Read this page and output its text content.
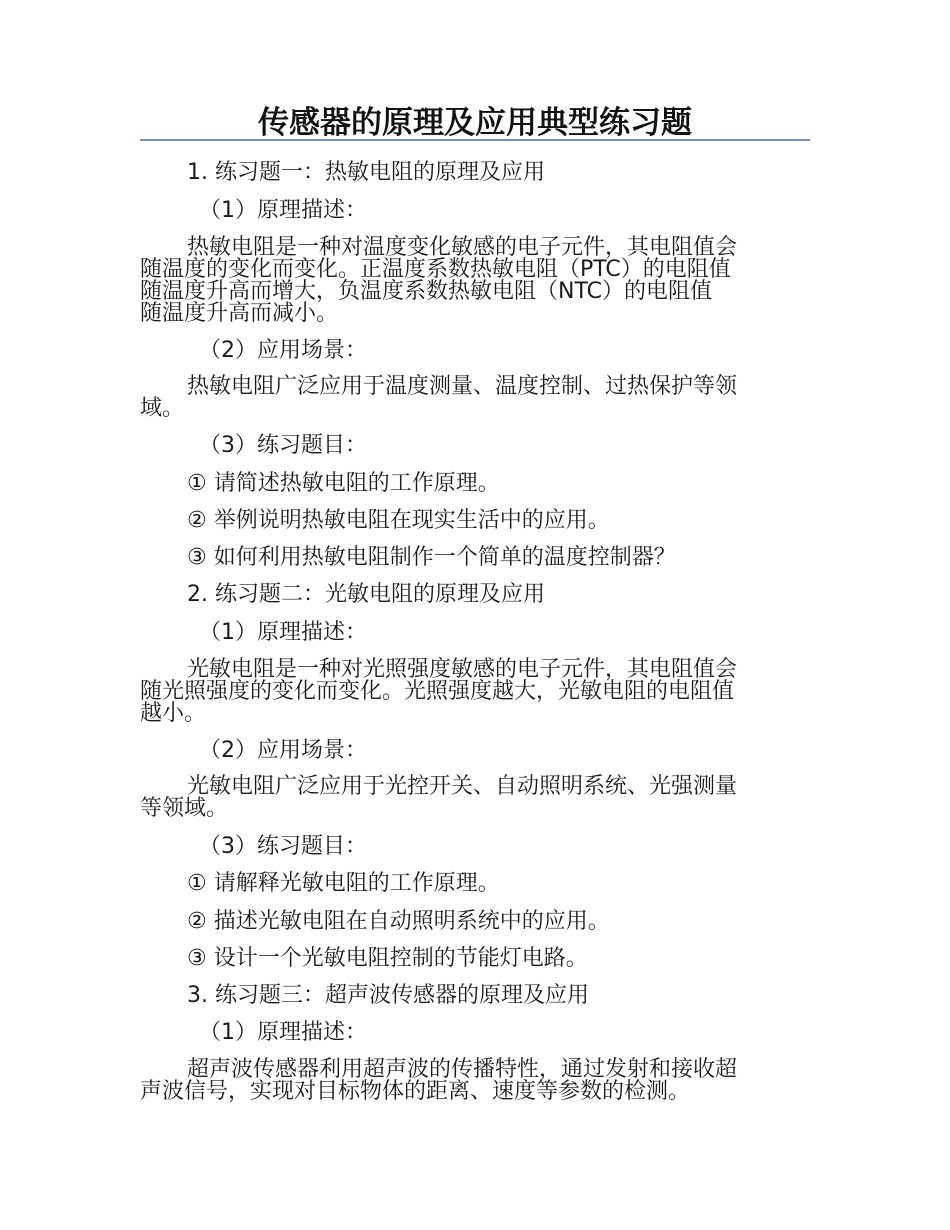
传感器的原理及应用典型练习题
1. 练习题一：热敏电阻的原理及应用
（1）原理描述：
热敏电阻是一种对温度变化敏感的电子元件，其电阻值会
随温度的变化而变化。正温度系数热敏电阻（PTC）的电阻值
随温度升高而增大，负温度系数热敏电阻（NTC）的电阻值
随温度升高而减小。
（2）应用场景：
热敏电阻广泛应用于温度测量、温度控制、过热保护等领
域。
（3）练习题目：
① 请简述热敏电阻的工作原理。
② 举例说明热敏电阻在现实生活中的应用。
③ 如何利用热敏电阻制作一个简单的温度控制器？
2. 练习题二：光敏电阻的原理及应用
（1）原理描述：
光敏电阻是一种对光照强度敏感的电子元件，其电阻值会
随光照强度的变化而变化。光照强度越大，光敏电阻的电阻值
越小。
（2）应用场景：
光敏电阻广泛应用于光控开关、自动照明系统、光强测量
等领域。
（3）练习题目：
① 请解释光敏电阻的工作原理。
② 描述光敏电阻在自动照明系统中的应用。
③ 设计一个光敏电阻控制的节能灯电路。
3. 练习题三：超声波传感器的原理及应用
（1）原理描述：
超声波传感器利用超声波的传播特性，通过发射和接收超
声波信号，实现对目标物体的距离、速度等参数的检测。
